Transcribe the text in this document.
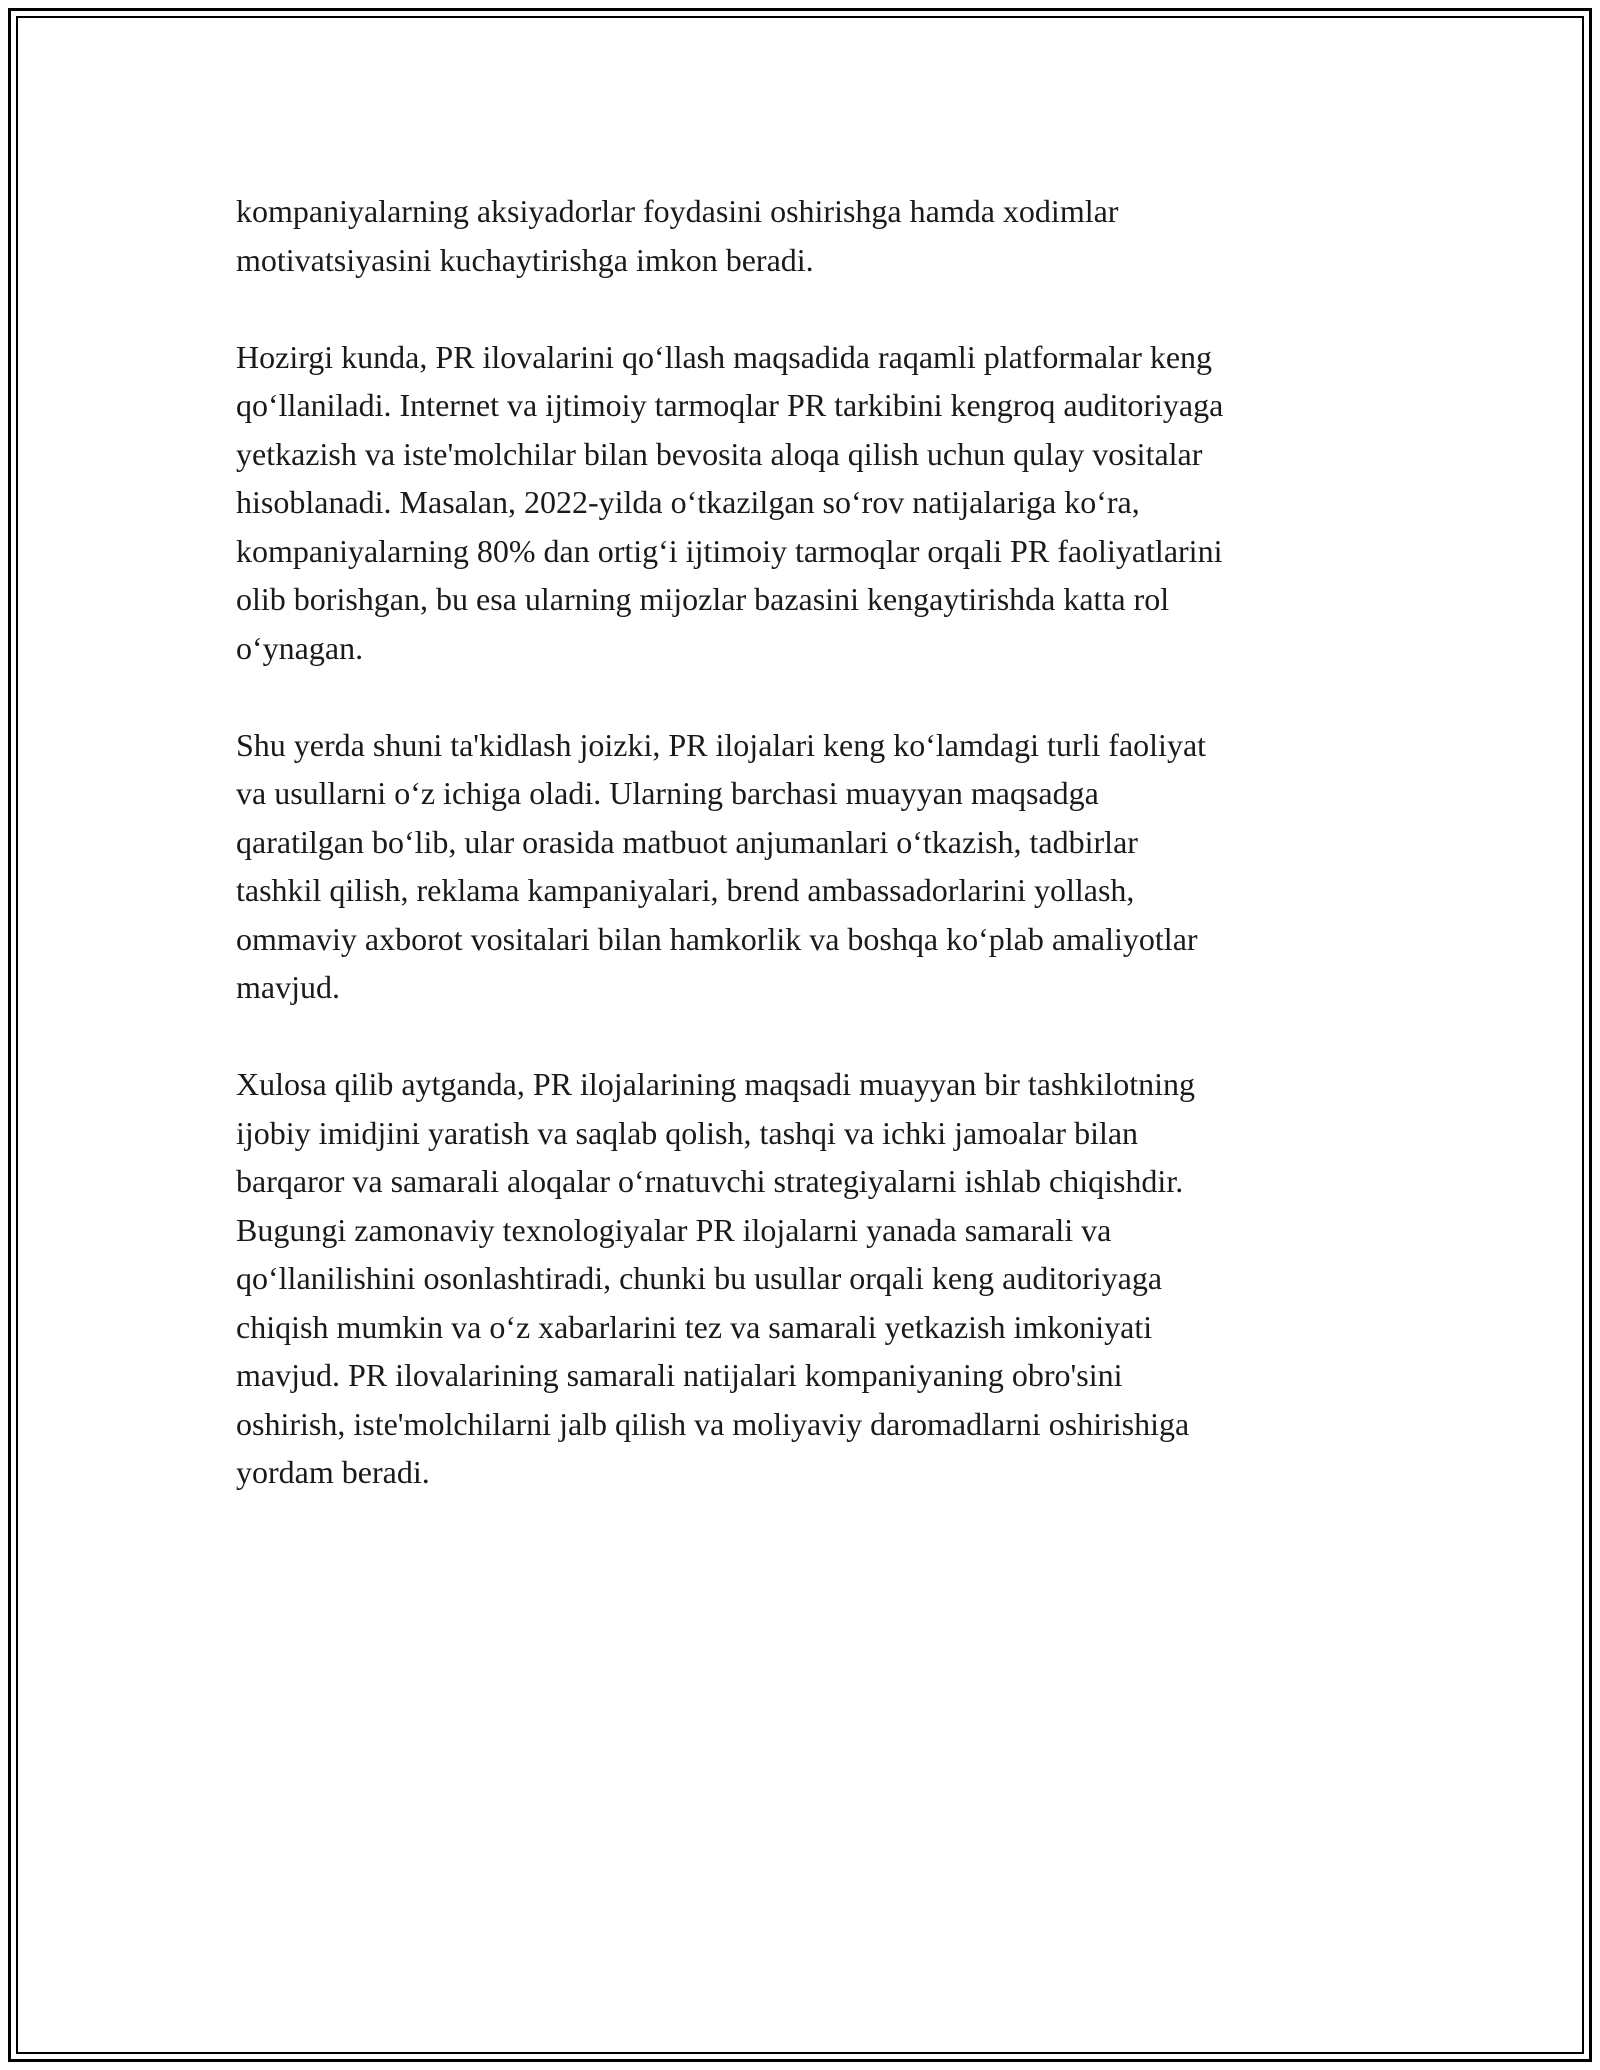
kompaniyalarning aksiyadorlar foydasini oshirishga hamda xodimlar
motivatsiyasini kuchaytirishga imkon beradi.

Hozirgi kunda, PR ilovalarini qo‘llash maqsadida raqamli platformalar keng
qo‘llaniladi. Internet va ijtimoiy tarmoqlar PR tarkibini kengroq auditoriyaga
yetkazish va iste'molchilar bilan bevosita aloqa qilish uchun qulay vositalar
hisoblanadi. Masalan, 2022-yilda o‘tkazilgan so‘rov natijalariga ko‘ra,
kompaniyalarning 80% dan ortig‘i ijtimoiy tarmoqlar orqali PR faoliyatlarini
olib borishgan, bu esa ularning mijozlar bazasini kengaytirishda katta rol
o‘ynagan.

Shu yerda shuni ta'kidlash joizki, PR ilojalari keng ko‘lamdagi turli faoliyat
va usullarni o‘z ichiga oladi. Ularning barchasi muayyan maqsadga
qaratilgan bo‘lib, ular orasida matbuot anjumanlari o‘tkazish, tadbirlar
tashkil qilish, reklama kampaniyalari, brend ambassadorlarini yollash,
ommaviy axborot vositalari bilan hamkorlik va boshqa ko‘plab amaliyotlar
mavjud.

Xulosa qilib aytganda, PR ilojalarining maqsadi muayyan bir tashkilotning
ijobiy imidjini yaratish va saqlab qolish, tashqi va ichki jamoalar bilan
barqaror va samarali aloqalar o‘rnatuvchi strategiyalarni ishlab chiqishdir.
Bugungi zamonaviy texnologiyalar PR ilojalarni yanada samarali va
qo‘llanilishini osonlashtiradi, chunki bu usullar orqali keng auditoriyaga
chiqish mumkin va o‘z xabarlarini tez va samarali yetkazish imkoniyati
mavjud. PR ilovalarining samarali natijalari kompaniyaning obro'sini
oshirish, iste'molchilarni jalb qilish va moliyaviy daromadlarni oshirishiga
yordam beradi.
